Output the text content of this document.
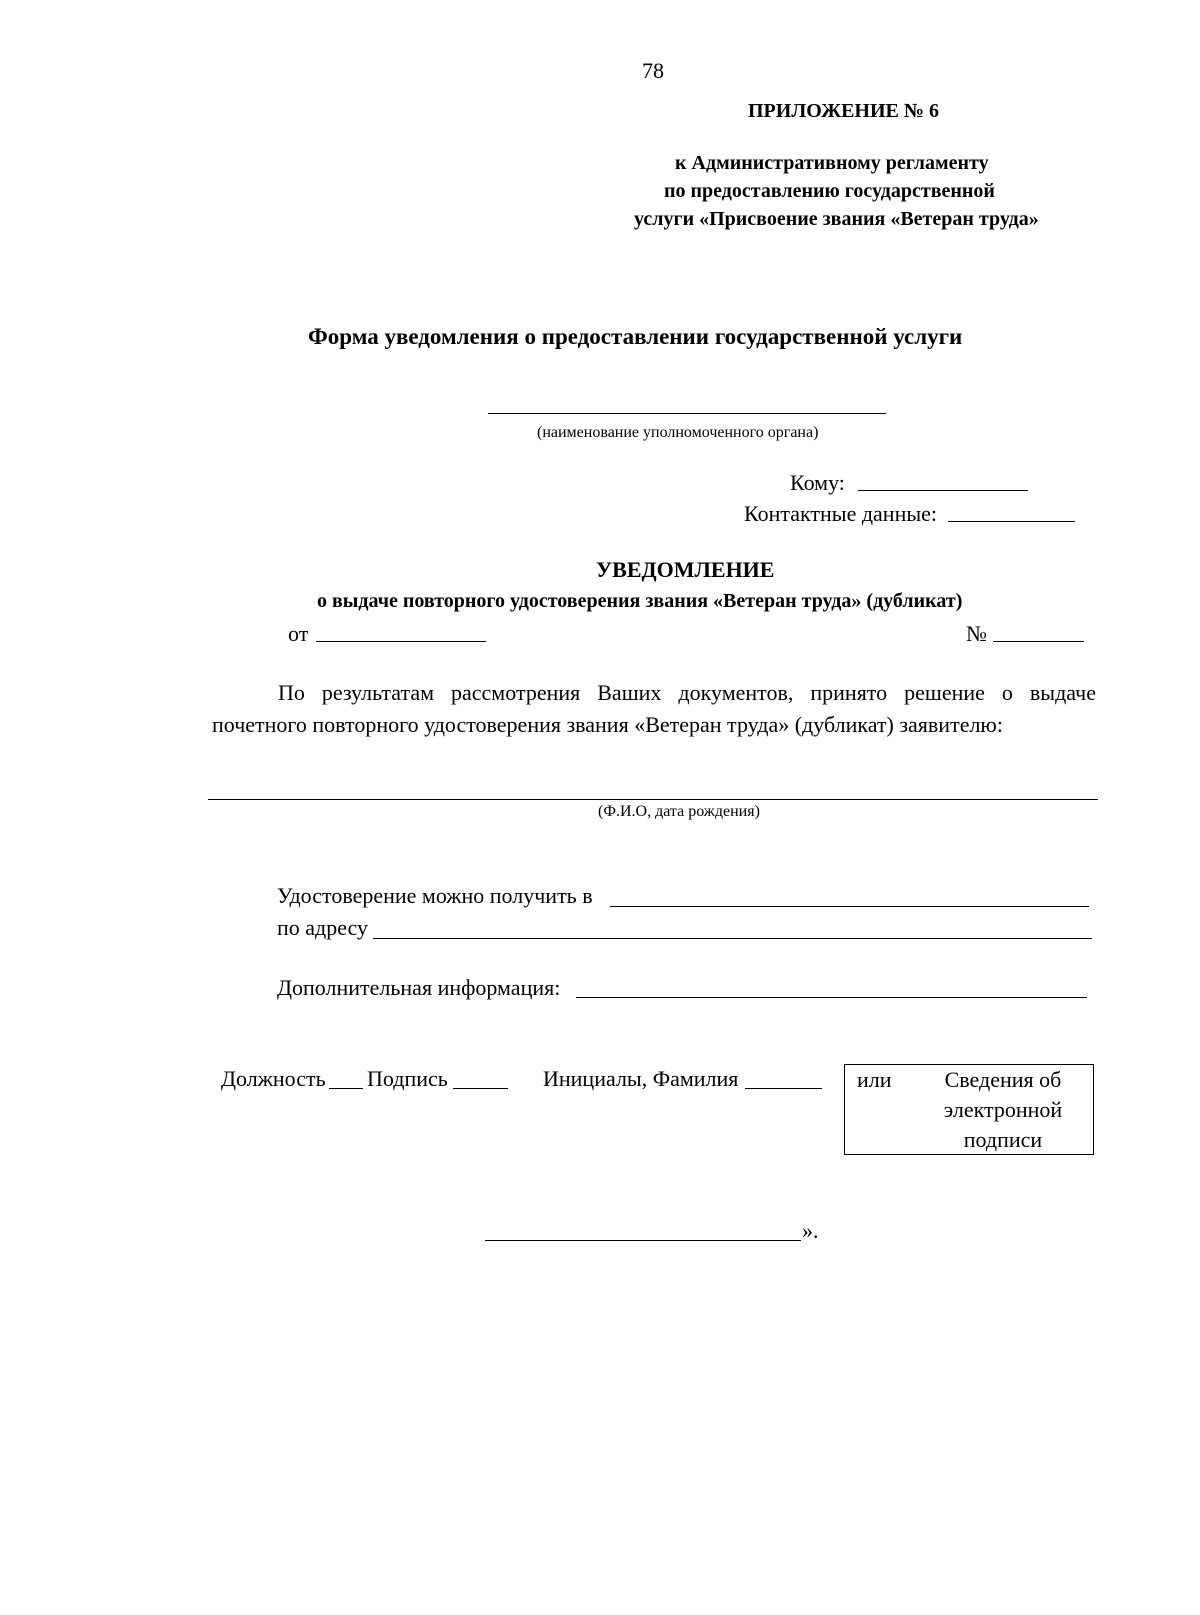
78
ПРИЛОЖЕНИЕ № 6
к Административному регламенту
по предоставлению государственной
услуги «Присвоение звания «Ветеран труда»
Форма уведомления о предоставлении государственной услуги
(наименование уполномоченного органа)
Кому:
Контактные данные:
УВЕДОМЛЕНИЕ
о выдаче повторного удостоверения звания «Ветеран труда» (дубликат)
от	№
По результатам рассмотрения Ваших документов, принято решение о выдаче
почетного повторного удостоверения звания «Ветеран труда» (дубликат) заявителю:
(Ф.И.О, дата рождения)
Удостоверение можно получить в
по адресу
Дополнительная информация:
Должность Подпись	Инициалы, Фамилия	или	Сведения об
электронной
подписи
».
